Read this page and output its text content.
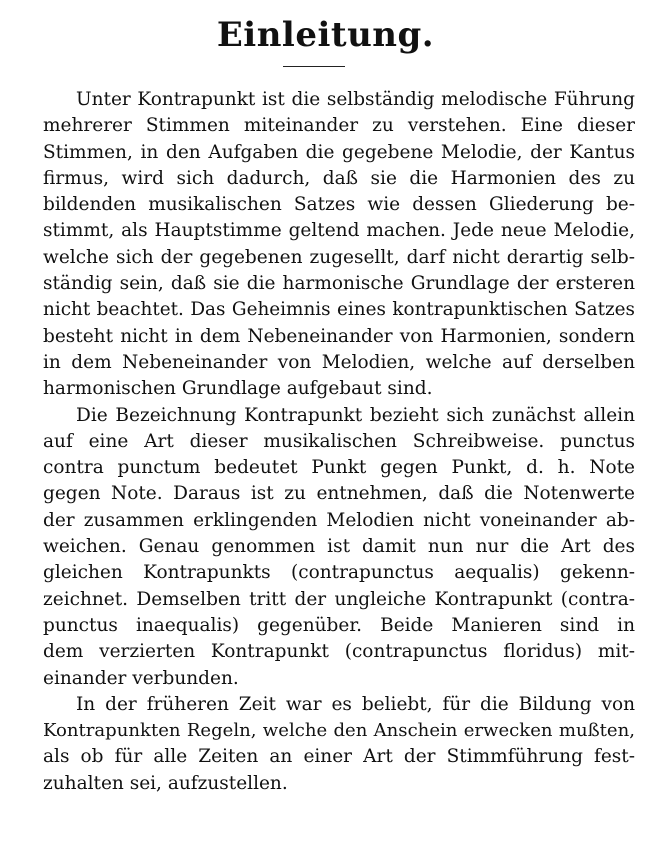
Einleitung.
Unter Kontrapunkt ist die selbständig melodische Führung
mehrerer Stimmen miteinander zu verstehen. Eine dieser
Stimmen, in den Aufgaben die gegebene Melodie, der Kantus
firmus, wird sich dadurch, daß sie die Harmonien des zu
bildenden musikalischen Satzes wie dessen Gliederung be-
stimmt, als Hauptstimme geltend machen. Jede neue Melodie,
welche sich der gegebenen zugesellt, darf nicht derartig selb-
ständig sein, daß sie die harmonische Grundlage der ersteren
nicht beachtet. Das Geheimnis eines kontrapunktischen Satzes
besteht nicht in dem Nebeneinander von Harmonien, sondern
in dem Nebeneinander von Melodien, welche auf derselben
harmonischen Grundlage aufgebaut sind.
Die Bezeichnung Kontrapunkt bezieht sich zunächst allein
auf eine Art dieser musikalischen Schreibweise. punctus
contra punctum bedeutet Punkt gegen Punkt, d. h. Note
gegen Note. Daraus ist zu entnehmen, daß die Notenwerte
der zusammen erklingenden Melodien nicht voneinander ab-
weichen. Genau genommen ist damit nun nur die Art des
gleichen Kontrapunkts (contrapunctus aequalis) gekenn-
zeichnet. Demselben tritt der ungleiche Kontrapunkt (contra-
punctus inaequalis) gegenüber. Beide Manieren sind in
dem verzierten Kontrapunkt (contrapunctus floridus) mit-
einander verbunden.
In der früheren Zeit war es beliebt, für die Bildung von
Kontrapunkten Regeln, welche den Anschein erwecken mußten,
als ob für alle Zeiten an einer Art der Stimmführung fest-
zuhalten sei, aufzustellen.
